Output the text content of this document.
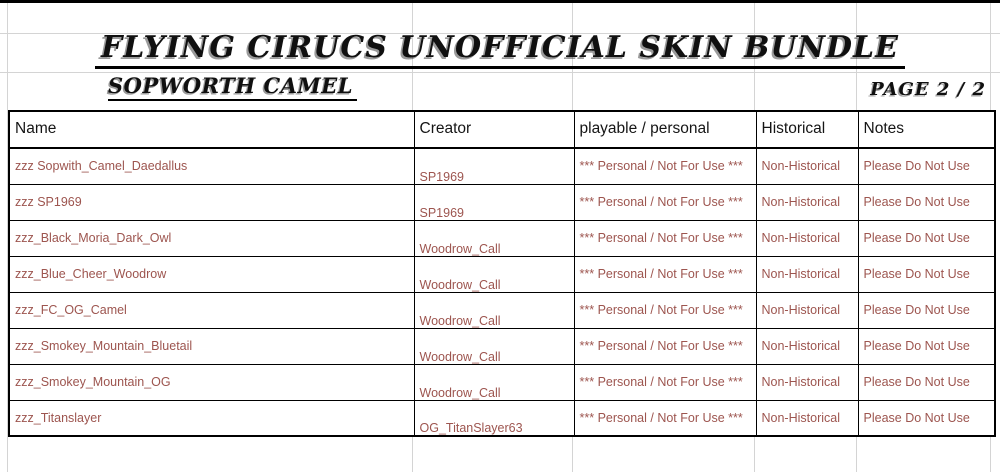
FLYING CIRUCS UNOFFICIAL SKIN BUNDLE
SOPWORTH CAMEL	PAGE 2 / 2
Name	Creator	playable / personal	Historical	Notes
zzz Sopwith_Camel_Daedallus	SP1969	*** Personal / Not For Use ***	Non-Historical	Please Do Not Use
zzz SP1969	SP1969	*** Personal / Not For Use ***	Non-Historical	Please Do Not Use
zzz_Black_Moria_Dark_Owl	Woodrow_Call	*** Personal / Not For Use ***	Non-Historical	Please Do Not Use
zzz_Blue_Cheer_Woodrow	Woodrow_Call	*** Personal / Not For Use ***	Non-Historical	Please Do Not Use
zzz_FC_OG_Camel	Woodrow_Call	*** Personal / Not For Use ***	Non-Historical	Please Do Not Use
zzz_Smokey_Mountain_Bluetail	Woodrow_Call	*** Personal / Not For Use ***	Non-Historical	Please Do Not Use
zzz_Smokey_Mountain_OG	Woodrow_Call	*** Personal / Not For Use ***	Non-Historical	Please Do Not Use
zzz_Titanslayer	OG_TitanSlayer63	*** Personal / Not For Use ***	Non-Historical	Please Do Not Use
